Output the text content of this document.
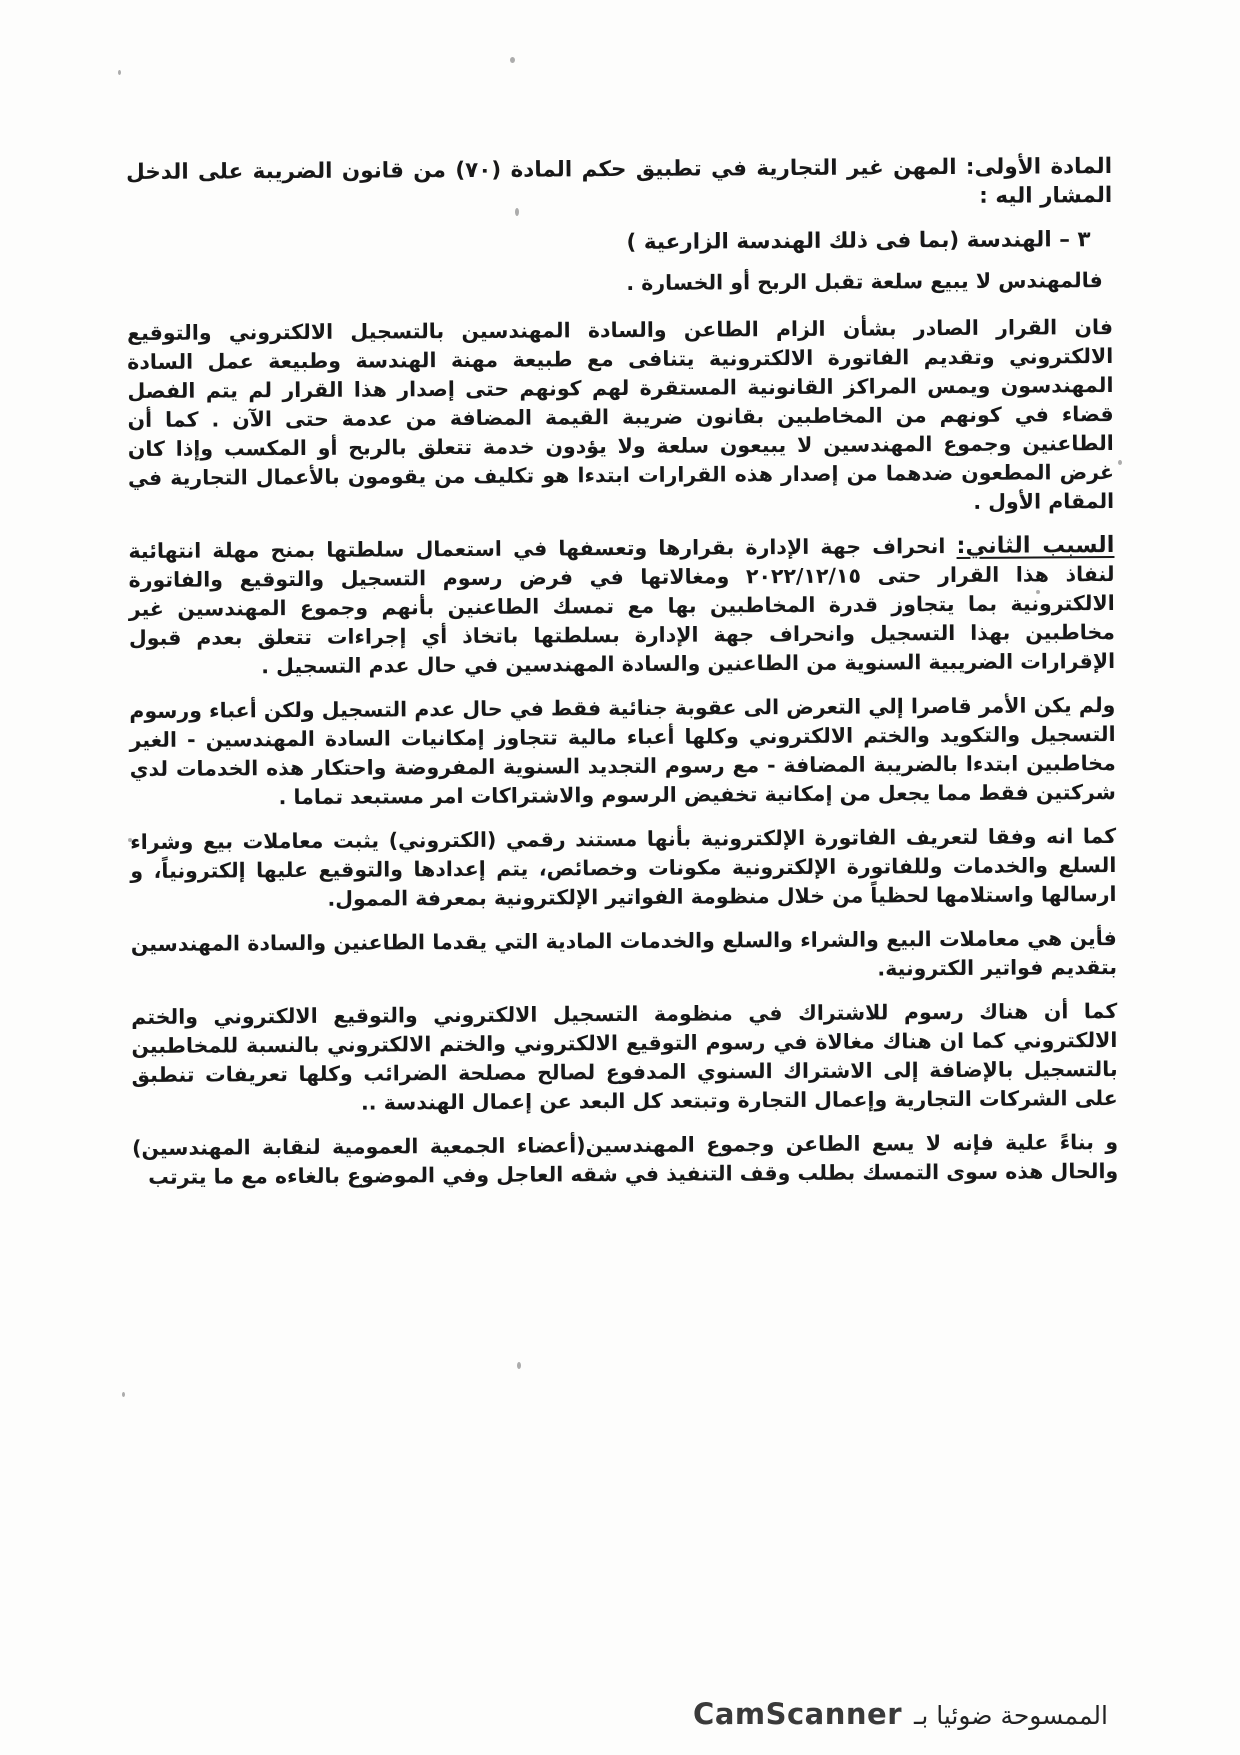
المادة الأولى: المهن غير التجارية في تطبيق حكم المادة (٧٠) من قانون الضريبة على الدخل المشار اليه :
٣ – الهندسة (بما فى ذلك الهندسة الزارعية )
فالمهندس لا يبيع سلعة تقبل الربح أو الخسارة .
فان القرار الصادر بشأن الزام الطاعن والسادة المهندسين بالتسجيل الالكتروني والتوقيع الالكتروني وتقديم الفاتورة الالكترونية يتنافى مع طبيعة مهنة الهندسة وطبيعة عمل السادة المهندسون ويمس المراكز القانونية المستقرة لهم كونهم حتى إصدار هذا القرار لم يتم الفصل قضاء في كونهم من المخاطبين بقانون ضريبة القيمة المضافة من عدمة حتى الآن . كما أن الطاعنين وجموع المهندسين لا يبيعون سلعة ولا يؤدون خدمة تتعلق بالربح أو المكسب وإذا كان غرض المطعون ضدهما من إصدار هذه القرارات ابتدءا هو تكليف من يقومون بالأعمال التجارية في المقام الأول .
السبب الثاني: انحراف جهة الإدارة بقرارها وتعسفها في استعمال سلطتها بمنح مهلة انتهائية لنفاذ هذا القرار حتى ٢٠٢٢/١٢/١٥ ومغالاتها في فرض رسوم التسجيل والتوقيع والفاتورة الالكترونية بما يتجاوز قدرة المخاطبين بها مع تمسك الطاعنين بأنهم وجموع المهندسين غير مخاطبين بهذا التسجيل وانحراف جهة الإدارة بسلطتها باتخاذ أي إجراءات تتعلق بعدم قبول الإقرارات الضريبية السنوية من الطاعنين والسادة المهندسين في حال عدم التسجيل .
ولم يكن الأمر قاصرا إلي التعرض الى عقوبة جنائية فقط في حال عدم التسجيل ولكن أعباء ورسوم التسجيل والتكويد والختم الالكتروني وكلها أعباء مالية تتجاوز إمكانيات السادة المهندسين - الغير مخاطبين ابتدءا بالضريبة المضافة - مع رسوم التجديد السنوية المفروضة واحتكار هذه الخدمات لدي شركتين فقط مما يجعل من إمكانية تخفيض الرسوم والاشتراكات امر مستبعد تماما .
كما انه وفقا لتعريف الفاتورة الإلكترونية بأنها مستند رقمي (الكتروني) يثبت معاملات بيع وشراء السلع والخدمات وللفاتورة الإلكترونية مكونات وخصائص، يتم إعدادها والتوقيع عليها إلكترونياً، و ارسالها واستلامها لحظياً من خلال منظومة الفواتير الإلكترونية بمعرفة الممول.
فأين هي معاملات البيع والشراء والسلع والخدمات المادية التي يقدما الطاعنين والسادة المهندسين بتقديم فواتير الكترونية.
كما أن هناك رسوم للاشتراك في منظومة التسجيل الالكتروني والتوقيع الالكتروني والختم الالكتروني كما ان هناك مغالاة في رسوم التوقيع الالكتروني والختم الالكتروني بالنسبة للمخاطبين بالتسجيل بالإضافة إلى الاشتراك السنوي المدفوع لصالح مصلحة الضرائب وكلها تعريفات تنطبق على الشركات التجارية وإعمال التجارة وتبتعد كل البعد عن إعمال الهندسة ..
و بناءً علية فإنه لا يسع الطاعن وجموع المهندسين(أعضاء الجمعية العمومية لنقابة المهندسين) والحال هذه سوى التمسك بطلب وقف التنفيذ في شقه العاجل وفي الموضوع بالغاءه مع ما يترتب
الممسوحة ضوئيا بـ
CamScanner
